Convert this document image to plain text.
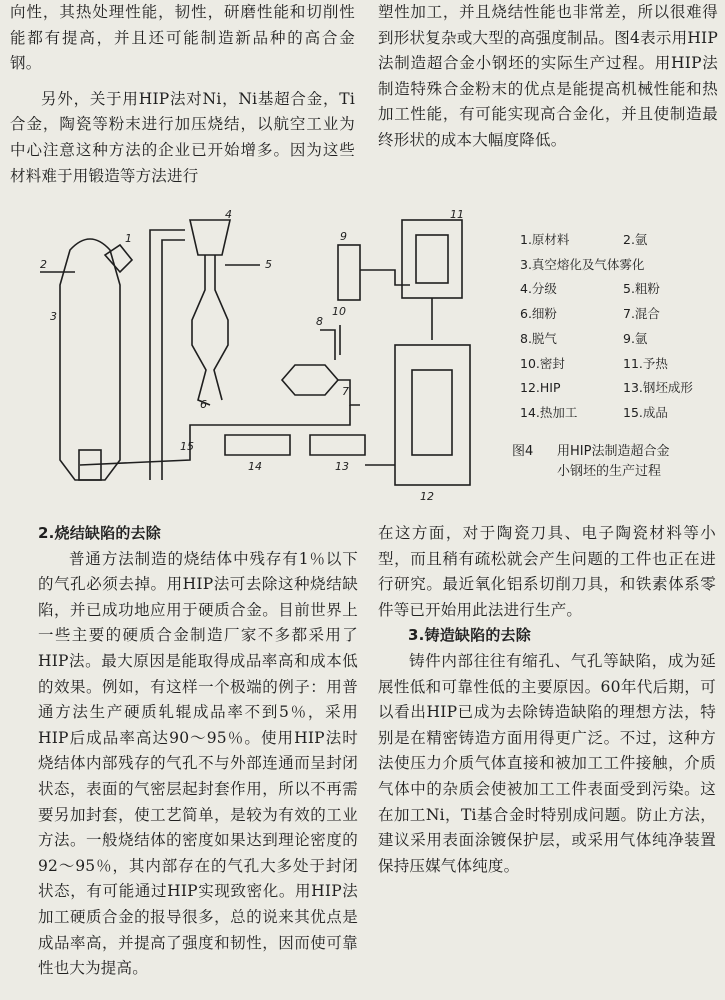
向性，其热处理性能，韧性，研磨性能和切削性能都有提高，并且还可能制造新品种的高合金钢。

另外，关于用HIP法对Ni，Ni基超合金，Ti合金，陶瓷等粉末进行加压烧结，以航空工业为中心注意这种方法的企业已开始增多。因为这些材料难于用锻造等方法进行

塑性加工，并且烧结性能也非常差，所以很难得到形状复杂或大型的高强度制品。图4表示用HIP法制造超合金小钢坯的实际生产过程。用HIP法制造特殊合金粉末的优点是能提高机械性能和热加工性能，有可能实现高合金化，并且使制造最终形状的成本大幅度降低。

2
1
3
4
5
6
7
8
9
10
11
12
13
14
15
1.原材料	2.氩
3.真空熔化及气体雾化
4.分级	5.粗粉
6.细粉	7.混合
8.脱气	9.氩
10.密封	11.予热
12.HIP	13.钢坯成形
14.热加工	15.成品
图4 用HIP法制造超合金
小钢坯的生产过程

2.烧结缺陷的去除

普通方法制造的烧结体中残存有1％以下的气孔必须去掉。用HIP法可去除这种烧结缺陷，并已成功地应用于硬质合金。目前世界上一些主要的硬质合金制造厂家不多都采用了HIP法。最大原因是能取得成品率高和成本低的效果。例如，有这样一个极端的例子：用普通方法生产硬质轧辊成品率不到5％，采用HIP后成品率高达90～95％。使用HIP法时烧结体内部残存的气孔不与外部连通而呈封闭状态，表面的气密层起封套作用，所以不再需要另加封套，使工艺简单，是较为有效的工业方法。一般烧结体的密度如果达到理论密度的92～95％，其内部存在的气孔大多处于封闭状态，有可能通过HIP实现致密化。用HIP法加工硬质合金的报导很多，总的说来其优点是成品率高，并提高了强度和韧性，因而使可靠性也大为提高。

在这方面，对于陶瓷刀具、电子陶瓷材料等小型，而且稍有疏松就会产生问题的工件也正在进行研究。最近氧化铝系切削刀具，和铁素体系零件等已开始用此法进行生产。

3.铸造缺陷的去除

铸件内部往往有缩孔、气孔等缺陷，成为延展性低和可靠性低的主要原因。60年代后期，可以看出HIP已成为去除铸造缺陷的理想方法，特别是在精密铸造方面用得更广泛。不过，这种方法使压力介质气体直接和被加工工件接触，介质气体中的杂质会使被加工工件表面受到污染。这在加工Ni，Ti基合金时特别成问题。防止方法，建议采用表面涂镀保护层，或采用气体纯净装置保持压媒气体纯度。
